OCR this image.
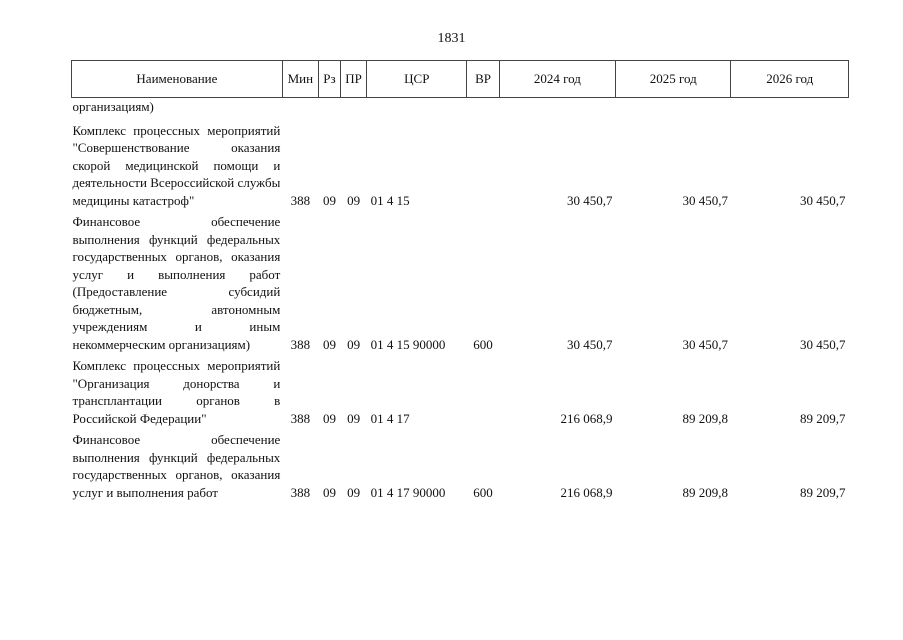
1831
Наименование	Мин	Рз	ПР	ЦСР	ВР	2024 год	2025 год	2026 год
организациям)								
Комплекс процессных мероприятий "Совершенствование оказания скорой медицинской помощи и деятельности Всероссийской службы медицины катастроф"	388	09	09	01 4 15		30 450,7	30 450,7	30 450,7
Финансовое обеспечение выполнения функций федеральных государственных органов, оказания услуг и выполнения работ (Предоставление субсидий бюджетным, автономным учреждениям и иным некоммерческим организациям)	388	09	09	01 4 15 90000	600	30 450,7	30 450,7	30 450,7
Комплекс процессных мероприятий "Организация донорства и трансплантации органов в Российской Федерации"	388	09	09	01 4 17		216 068,9	89 209,8	89 209,7
Финансовое обеспечение выполнения функций федеральных государственных органов, оказания услуг и выполнения работ	388	09	09	01 4 17 90000	600	216 068,9	89 209,8	89 209,7
